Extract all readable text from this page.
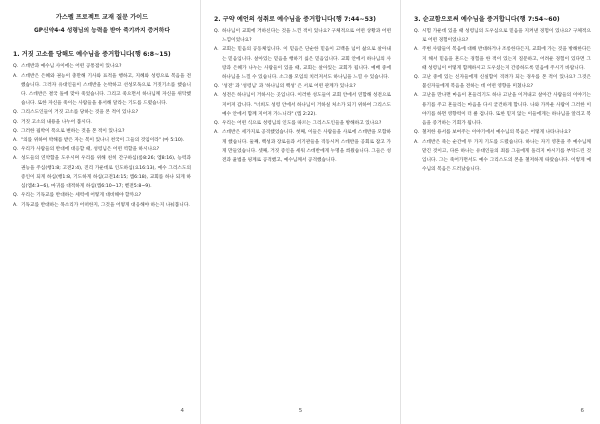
가스펠 프로젝트 교재 질문 가이드
GP신약4-4 성령님의 능력을 받아 죽기까지 증거하다
1. 거짓 고소를 당해도 예수님을 증거합니다(행 6:8~15)
Q. 스데반과 예수님 사이에는 어떤 공통점이 있나요?
A. 스데반은 은혜와 권능이 충만해 기사와 표적을 행하고, 지혜와 성령으로 복음을 전했습니다. 그러자 유대인들이 스데반을 논박하고 선성모독으로 거짓기소를 했습니다. 스데반은 결국 돌에 맞아 죽었습니다. 그리고 죽으면서 하나님께 자신을 위탁했습니다. 또한 자신을 죽이는 사람들을 용서해 달라는 기도를 드렸습니다.
Q. 그리스도인들이 거짓 고소를 당하는 것을 본 적이 있나요?
Q. 거짓 고소의 내용을 나누어 봅시다.
Q. 그러한 핍박이 폭으로 변하는 것을 본 적이 있나요?
A. "의를 위하여 박해를 받은 자는 복이 있나니 천국이 그들의 것임이라" (마 5:10).
Q. 우리가 사람들의 반대에 대응할 때, 성령님은 어떤 역할을 하시나요?
A. 성도들의 연약함을 도우시며 우리를 위해 친히 간구하심(롬8:26; 엡8:16), 능력과 권능을 주심(행1:8; 고전2:4), 진리 가운데로 인도하심(요16:13), 예수 그리스도의 증인이 되게 하심(행1:8, 기도하게 하심(고전14:15; 엡6:18), 교회를 하나 되게 하심(엡4:3~6), 마귀를 대적하게 하심(엡6:10~17; 벧전5:8~9).
Q. 우리는 기독교를 반대하는 세력에 어떻게 대비해야 할까요?
A. 기독교를 반대하는 목소리가 어떠한지, 그것을 어떻게 대응해야 하는지 나눠봅니다.
4
2. 구약 예언의 성취로 예수님을 증거합니다(행 7:44~53)
Q. 하나님이 교회에 거하신다는 것을 느낀 적이 있나요? 구체적으로 어떤 상황과 어떤 느낌이었나요?
A. 교회는 믿음의 공동체입니다. 이 믿음은 단순한 믿음이 고백을 넘어 삶으로 살아내는 믿음입니다. 살아있는 믿음을 행하기 싫은 믿음입니다. 교회 안에서 하나님의 사랑과 은혜가 나누는 사람들이 있을 때, 교회는 살아있는 교회가 됩니다. 예배 중에 하나님을 느낄 수 있습니다. 소그룹 모임의 치러져서도 하나님을 느낄 수 있습니다.
Q. '성전' 과 '성령님' 과 '하나님의 백성' 은 서로 어떤 관계가 있나요?
A. 성전은 하나님이 거하시는 곳입니다. 이러한 성도들이 교회 안에서 연합해 성전으로 지어져 갑니다. "너희도 성령 안에서 하나님이 거하실 처소가 되기 위하여 그리스도 예수 안에서 함께 지어져 가느니라" (엡 2:22).
Q. 우리는 어떤 식으로 성령님의 인도를 따르는 그리스도인들을 방해하고 있나요?
A. 스데반은 세가지로 공격했었습니다. 첫째, 이들은 사람들을 사로에 스데반을 모함하게 했습니다. 둘째, 백성과 장로들과 서기관들을 격동시켜 스데반을 공회로 잡고 가게 만들었습니다. 셋째, 거짓 증인을 세워 스데반에게 누명을 씌웠습니다. 그들은 성전과 율법을 핑계로 공격했고, 예수님께서 공격했습니다.
5
3. 순교함으로써 예수님을 증거합니다(행 7:54~60)
Q. 시험 가운데 있을 때 성령님의 도우심으로 믿음을 지켜낸 경험이 있나요? 구체적으로 어떤 경험이었나요?
A. 주변 사람들이 복음에 대해 반대하거나 조롱한다든지, 교회에 가는 것을 방해한다든지 해서 믿음을 흔드는 경험을 한 적이 있는지 질문하고, 어려운 경험이 있다면 그 때 성령님이 어떻게 함께하시고 도우셨는지 간증하도록 믿음에 주시기 바랍니다.
Q. 고난 중에 있는 신자들에게 신실함이 격려가 되는 경우를 본 적이 있나요? 그것은 불신자들에게 복음을 전하는 데 어떤 영향을 미쳤나요?
A. 고난을 만나면 마음이 흔들리기도 하나 고난을 이겨내고 살아간 사람들의 이야기는 용기를 주고 흔들리는 마음을 다시 굳건하게 합니다. 나와 가까운 사람이 그러한 이야기를 하면 영향력이 더 클 겁니다. 또한 믿지 않는 이들에게는 하나님을 알리고 복음을 증거하는 기회가 됩니다.
Q. 철저한 용서를 보여주는 이야기에서 예수님의 복음은 어떻게 나타나나요?
A. 스데반은 죽는 순간에 두 가지 기도를 드렸습니다. 하나는 자기 영혼을 주 예수님께 맡긴 것이고, 다른 하나는 유대인들의 죄를 그들에게 돌리지 마시기를 부탁드린 것입니다. 그는 죽어가면서도 예수 그리스도의 본을 철저하게 따랐습니다. 이렇게 예수님의 복음은 드러났습니다.
6
